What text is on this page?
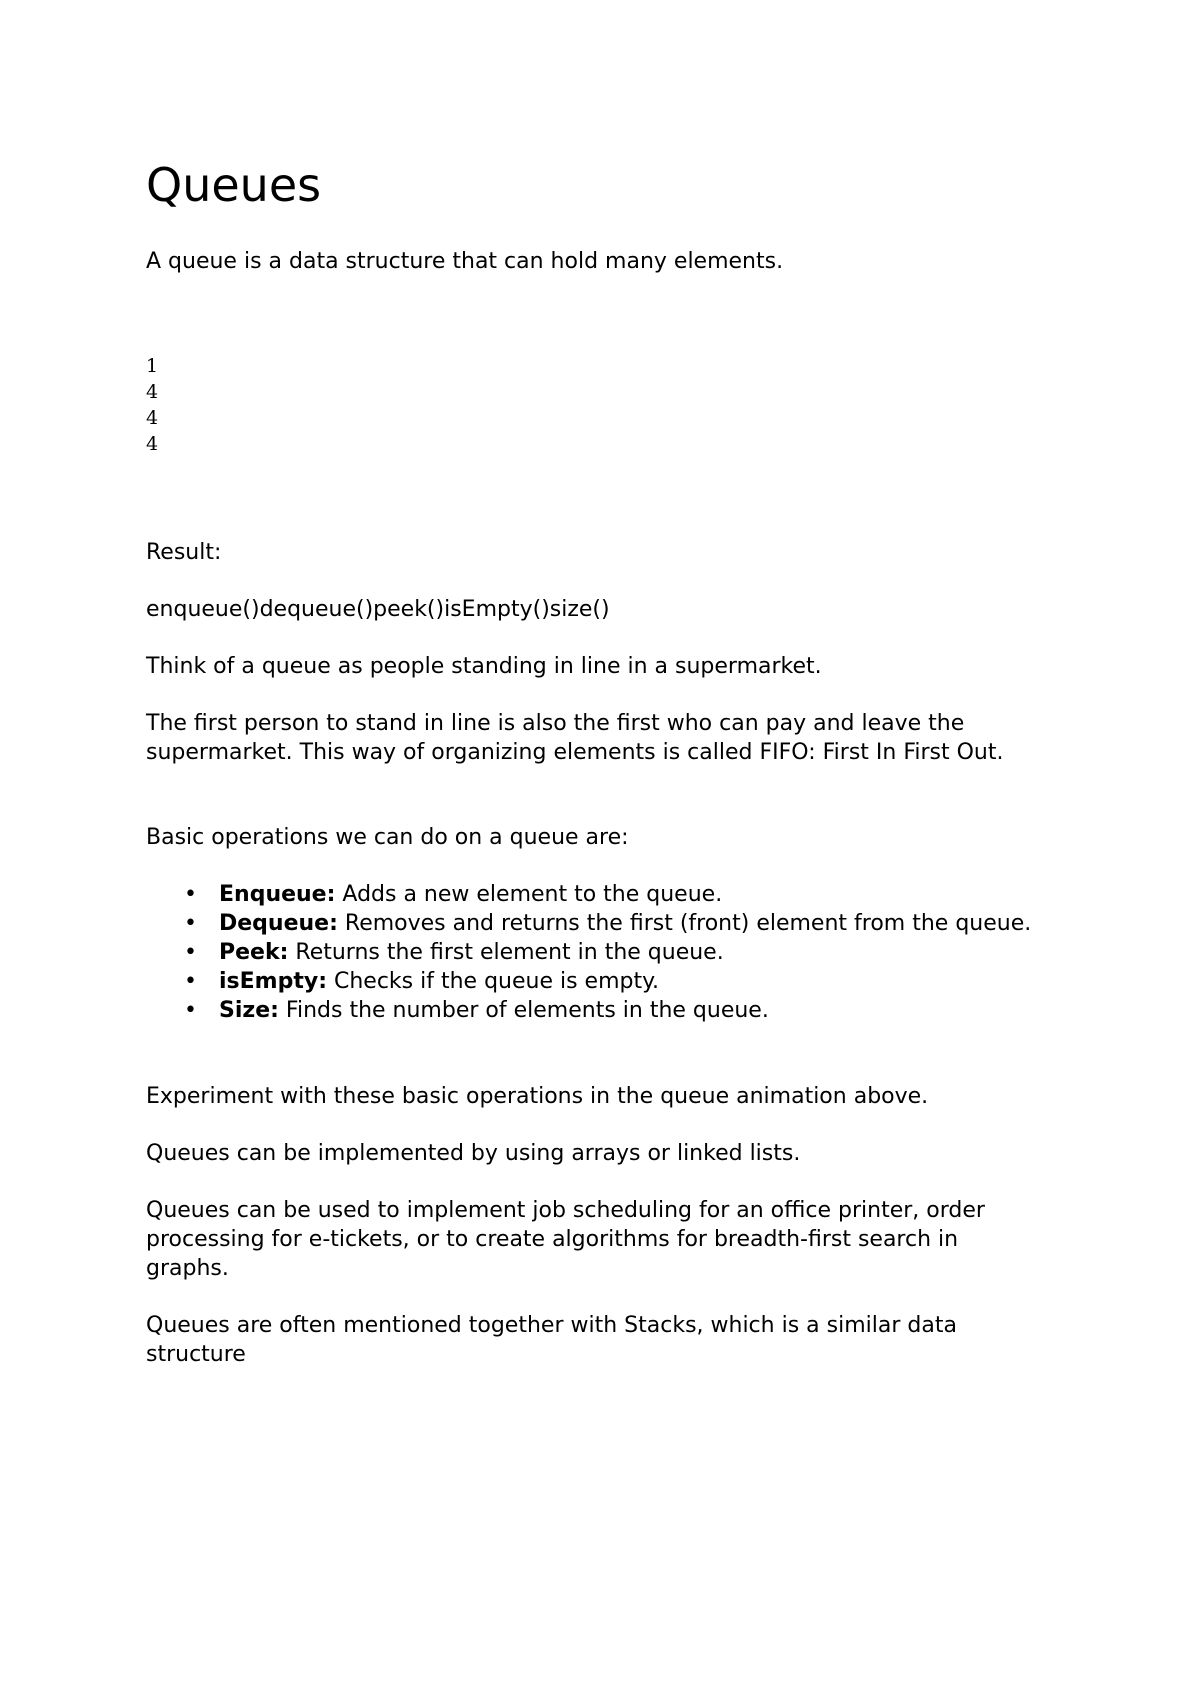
Queues

A queue is a data structure that can hold many elements.

1
4
4
4

Result:

enqueue()dequeue()peek()isEmpty()size()

Think of a queue as people standing in line in a supermarket.

The first person to stand in line is also the first who can pay and leave the supermarket. This way of organizing elements is called FIFO: First In First Out.

Basic operations we can do on a queue are:

• Enqueue: Adds a new element to the queue.
• Dequeue: Removes and returns the first (front) element from the queue.
• Peek: Returns the first element in the queue.
• isEmpty: Checks if the queue is empty.
• Size: Finds the number of elements in the queue.

Experiment with these basic operations in the queue animation above.

Queues can be implemented by using arrays or linked lists.

Queues can be used to implement job scheduling for an office printer, order processing for e-tickets, or to create algorithms for breadth-first search in graphs.

Queues are often mentioned together with Stacks, which is a similar data structure
